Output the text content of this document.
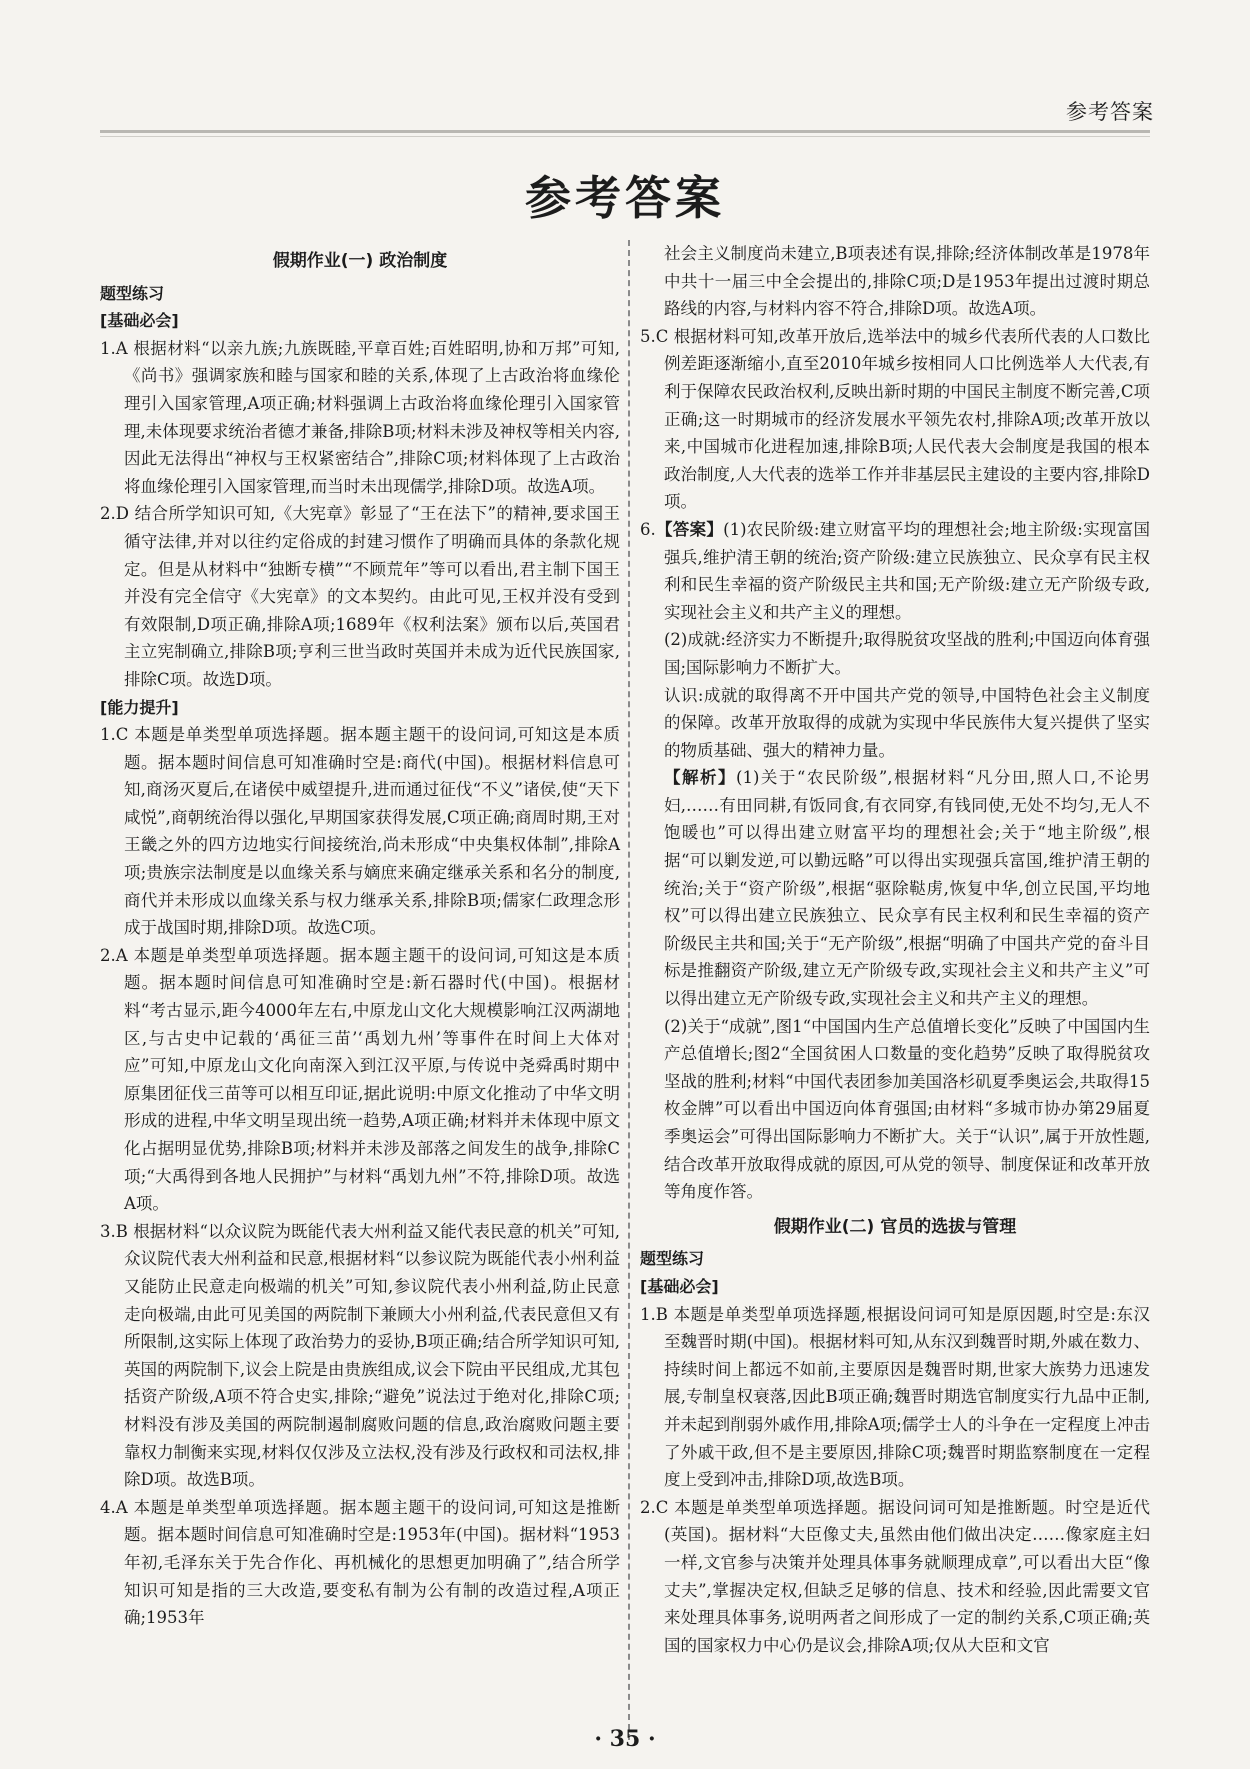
参考答案
参考答案
假期作业(一) 政治制度
题型练习
[基础必会]

1.A 根据材料“以亲九族;九族既睦,平章百姓;百姓昭明,协和万邦”可知,《尚书》强调家族和睦与国家和睦的关系,体现了上古政治将血缘伦理引入国家管理,A项正确;材料强调上古政治将血缘伦理引入国家管理,未体现要求统治者德才兼备,排除B项;材料未涉及神权等相关内容,因此无法得出“神权与王权紧密结合”,排除C项;材料体现了上古政治将血缘伦理引入国家管理,而当时未出现儒学,排除D项。故选A项。

2.D 结合所学知识可知,《大宪章》彰显了“王在法下”的精神,要求国王循守法律,并对以往约定俗成的封建习惯作了明确而具体的条款化规定。但是从材料中“独断专横”“不顾荒年”等可以看出,君主制下国王并没有完全信守《大宪章》的文本契约。由此可见,王权并没有受到有效限制,D项正确,排除A项;1689年《权利法案》颁布以后,英国君主立宪制确立,排除B项;亨利三世当政时英国并未成为近代民族国家,排除C项。故选D项。

[能力提升]

1.C 本题是单类型单项选择题。据本题主题干的设问词,可知这是本质题。据本题时间信息可知准确时空是:商代(中国)。根据材料信息可知,商汤灭夏后,在诸侯中威望提升,进而通过征伐“不义”诸侯,使“天下咸悦”,商朝统治得以强化,早期国家获得发展,C项正确;商周时期,王对王畿之外的四方边地实行间接统治,尚未形成“中央集权体制”,排除A项;贵族宗法制度是以血缘关系与嫡庶来确定继承关系和名分的制度,商代并未形成以血缘关系与权力继承关系,排除B项;儒家仁政理念形成于战国时期,排除D项。故选C项。

2.A 本题是单类型单项选择题。据本题主题干的设问词,可知这是本质题。据本题时间信息可知准确时空是:新石器时代(中国)。根据材料“考古显示,距今4000年左右,中原龙山文化大规模影响江汉两湖地区,与古史中记载的‘禹征三苗’‘禹划九州’等事件在时间上大体对应”可知,中原龙山文化向南深入到江汉平原,与传说中尧舜禹时期中原集团征伐三苗等可以相互印证,据此说明:中原文化推动了中华文明形成的进程,中华文明呈现出统一趋势,A项正确;材料并未体现中原文化占据明显优势,排除B项;材料并未涉及部落之间发生的战争,排除C项;“大禹得到各地人民拥护”与材料“禹划九州”不符,排除D项。故选A项。

3.B 根据材料“以众议院为既能代表大州利益又能代表民意的机关”可知,众议院代表大州利益和民意,根据材料“以参议院为既能代表小州利益又能防止民意走向极端的机关”可知,参议院代表小州利益,防止民意走向极端,由此可见美国的两院制下兼顾大小州利益,代表民意但又有所限制,这实际上体现了政治势力的妥协,B项正确;结合所学知识可知,英国的两院制下,议会上院是由贵族组成,议会下院由平民组成,尤其包括资产阶级,A项不符合史实,排除;“避免”说法过于绝对化,排除C项;材料没有涉及美国的两院制遏制腐败问题的信息,政治腐败问题主要靠权力制衡来实现,材料仅仅涉及立法权,没有涉及行政权和司法权,排除D项。故选B项。

4.A 本题是单类型单项选择题。据本题主题干的设问词,可知这是推断题。据本题时间信息可知准确时空是:1953年(中国)。据材料“1953年初,毛泽东关于先合作化、再机械化的思想更加明确了”,结合所学知识可知是指的三大改造,要变私有制为公有制的改造过程,A项正确;1953年

社会主义制度尚未建立,B项表述有误,排除;经济体制改革是1978年中共十一届三中全会提出的,排除C项;D是1953年提出过渡时期总路线的内容,与材料内容不符合,排除D项。故选A项。

5.C 根据材料可知,改革开放后,选举法中的城乡代表所代表的人口数比例差距逐渐缩小,直至2010年城乡按相同人口比例选举人大代表,有利于保障农民政治权利,反映出新时期的中国民主制度不断完善,C项正确;这一时期城市的经济发展水平领先农村,排除A项;改革开放以来,中国城市化进程加速,排除B项;人民代表大会制度是我国的根本政治制度,人大代表的选举工作并非基层民主建设的主要内容,排除D项。

6.【答案】(1)农民阶级:建立财富平均的理想社会;地主阶级:实现富国强兵,维护清王朝的统治;资产阶级:建立民族独立、民众享有民主权利和民生幸福的资产阶级民主共和国;无产阶级:建立无产阶级专政,实现社会主义和共产主义的理想。

(2)成就:经济实力不断提升;取得脱贫攻坚战的胜利;中国迈向体育强国;国际影响力不断扩大。

认识:成就的取得离不开中国共产党的领导,中国特色社会主义制度的保障。改革开放取得的成就为实现中华民族伟大复兴提供了坚实的物质基础、强大的精神力量。

【解析】(1)关于“农民阶级”,根据材料“凡分田,照人口,不论男妇,……有田同耕,有饭同食,有衣同穿,有钱同使,无处不均匀,无人不饱暖也”可以得出建立财富平均的理想社会;关于“地主阶级”,根据“可以剿发逆,可以勤远略”可以得出实现强兵富国,维护清王朝的统治;关于“资产阶级”,根据“驱除鞑虏,恢复中华,创立民国,平均地权”可以得出建立民族独立、民众享有民主权利和民生幸福的资产阶级民主共和国;关于“无产阶级”,根据“明确了中国共产党的奋斗目标是推翻资产阶级,建立无产阶级专政,实现社会主义和共产主义”可以得出建立无产阶级专政,实现社会主义和共产主义的理想。

(2)关于“成就”,图1“中国国内生产总值增长变化”反映了中国国内生产总值增长;图2“全国贫困人口数量的变化趋势”反映了取得脱贫攻坚战的胜利;材料“中国代表团参加美国洛杉矶夏季奥运会,共取得15枚金牌”可以看出中国迈向体育强国;由材料“多城市协办第29届夏季奥运会”可得出国际影响力不断扩大。关于“认识”,属于开放性题,结合改革开放取得成就的原因,可从党的领导、制度保证和改革开放等角度作答。

假期作业(二) 官员的选拔与管理
题型练习
[基础必会]

1.B 本题是单类型单项选择题,根据设问词可知是原因题,时空是:东汉至魏晋时期(中国)。根据材料可知,从东汉到魏晋时期,外戚在数力、持续时间上都远不如前,主要原因是魏晋时期,世家大族势力迅速发展,专制皇权衰落,因此B项正确;魏晋时期选官制度实行九品中正制,并未起到削弱外戚作用,排除A项;儒学士人的斗争在一定程度上冲击了外戚干政,但不是主要原因,排除C项;魏晋时期监察制度在一定程度上受到冲击,排除D项,故选B项。

2.C 本题是单类型单项选择题。据设问词可知是推断题。时空是近代(英国)。据材料“大臣像丈夫,虽然由他们做出决定……像家庭主妇一样,文官参与决策并处理具体事务就顺理成章”,可以看出大臣“像丈夫”,掌握决定权,但缺乏足够的信息、技术和经验,因此需要文官来处理具体事务,说明两者之间形成了一定的制约关系,C项正确;英国的国家权力中心仍是议会,排除A项;仅从大臣和文官

· 35 ·
